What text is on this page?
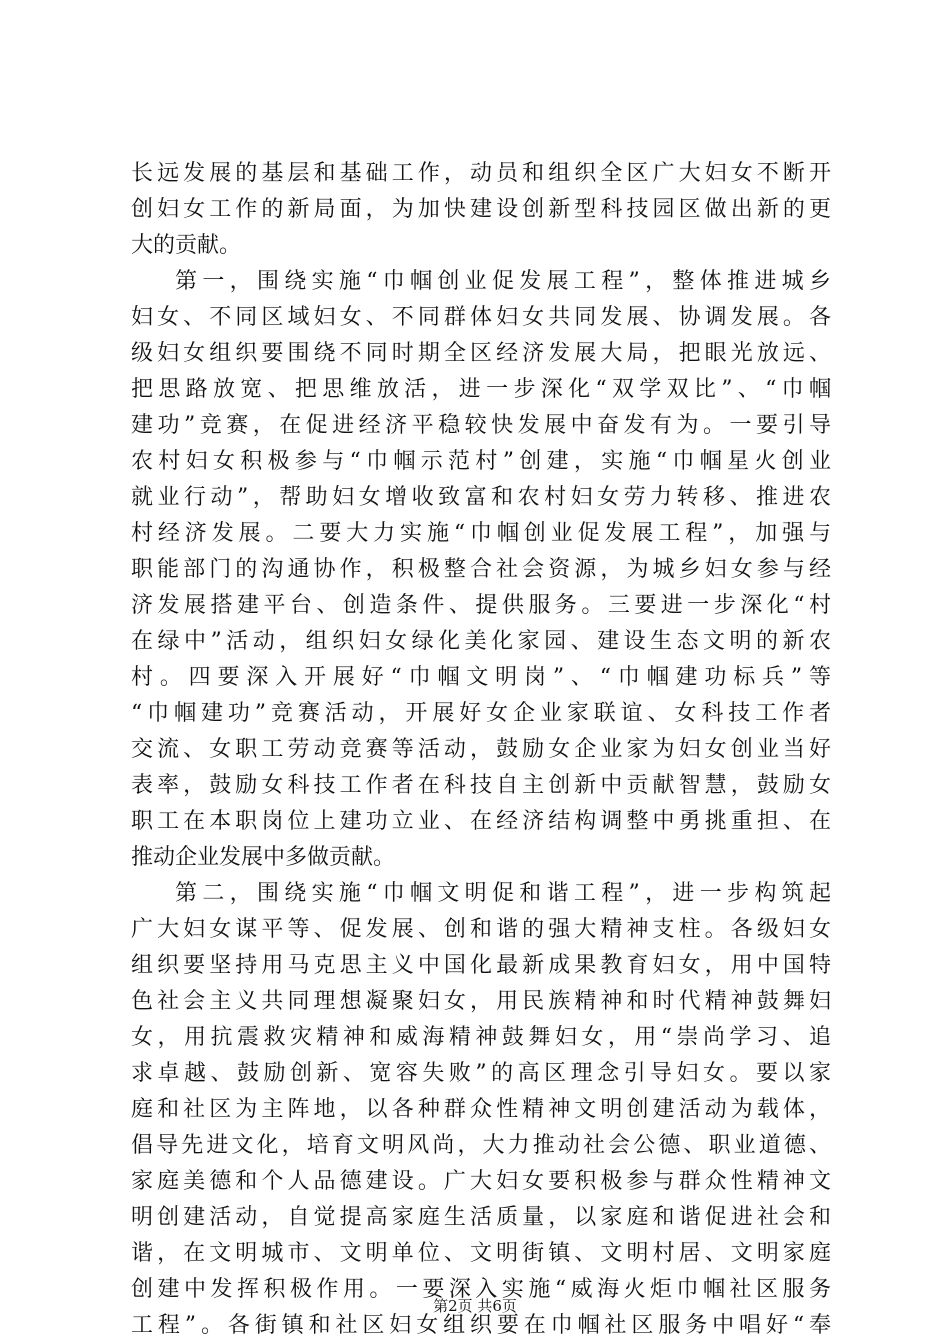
长远发展的基层和基础工作，动员和组织全区广大妇女不断开
创妇女工作的新局面，为加快建设创新型科技园区做出新的更
大的贡献。
第一，围绕实施“巾帼创业促发展工程”，整体推进城乡
妇女、不同区域妇女、不同群体妇女共同发展、协调发展。各
级妇女组织要围绕不同时期全区经济发展大局，把眼光放远、
把思路放宽、把思维放活，进一步深化“双学双比”、“巾帼
建功”竞赛，在促进经济平稳较快发展中奋发有为。一要引导
农村妇女积极参与“巾帼示范村”创建，实施“巾帼星火创业
就业行动”，帮助妇女增收致富和农村妇女劳力转移、推进农
村经济发展。二要大力实施“巾帼创业促发展工程”，加强与
职能部门的沟通协作，积极整合社会资源，为城乡妇女参与经
济发展搭建平台、创造条件、提供服务。三要进一步深化“村
在绿中”活动，组织妇女绿化美化家园、建设生态文明的新农
村。四要深入开展好“巾帼文明岗”、“巾帼建功标兵”等
“巾帼建功”竞赛活动，开展好女企业家联谊、女科技工作者
交流、女职工劳动竞赛等活动，鼓励女企业家为妇女创业当好
表率，鼓励女科技工作者在科技自主创新中贡献智慧，鼓励女
职工在本职岗位上建功立业、在经济结构调整中勇挑重担、在
推动企业发展中多做贡献。
第二，围绕实施“巾帼文明促和谐工程”，进一步构筑起
广大妇女谋平等、促发展、创和谐的强大精神支柱。各级妇女
组织要坚持用马克思主义中国化最新成果教育妇女，用中国特
色社会主义共同理想凝聚妇女，用民族精神和时代精神鼓舞妇
女，用抗震救灾精神和威海精神鼓舞妇女，用“崇尚学习、追
求卓越、鼓励创新、宽容失败”的高区理念引导妇女。要以家
庭和社区为主阵地，以各种群众性精神文明创建活动为载体，
倡导先进文化，培育文明风尚，大力推动社会公德、职业道德、
家庭美德和个人品德建设。广大妇女要积极参与群众性精神文
明创建活动，自觉提高家庭生活质量，以家庭和谐促进社会和
谐，在文明城市、文明单位、文明街镇、文明村居、文明家庭
创建中发挥积极作用。一要深入实施“威海火炬巾帼社区服务
工程”。各街镇和社区妇女组织要在巾帼社区服务中唱好“奉
第2页 共6页
